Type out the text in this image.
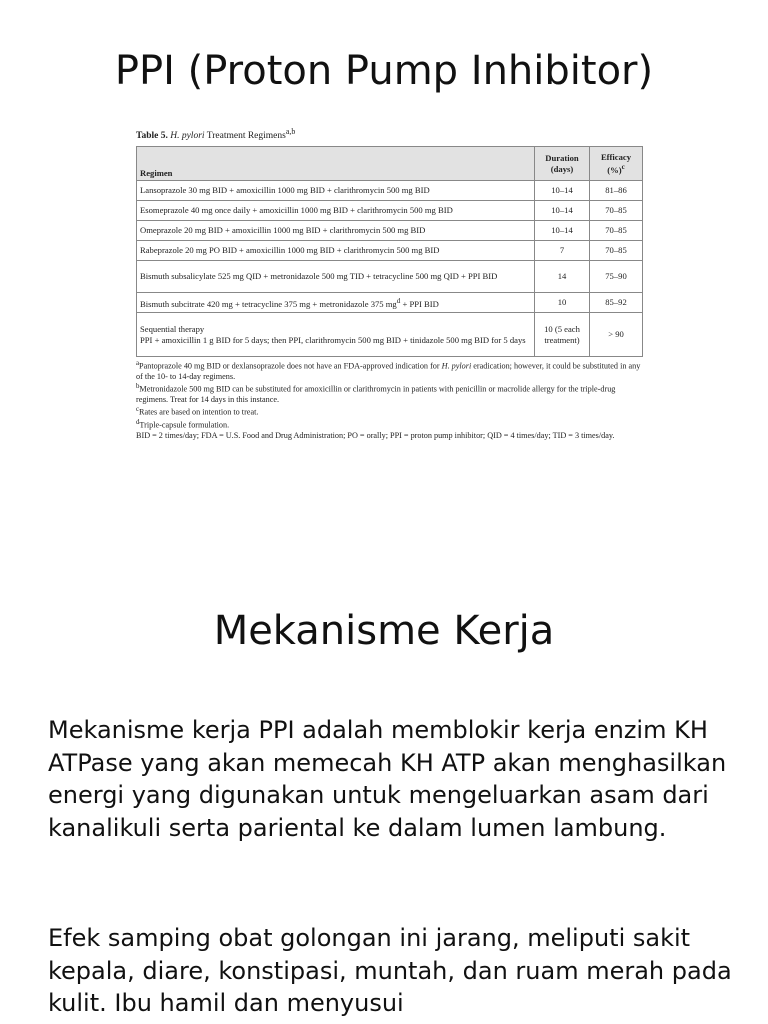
PPI (Proton Pump Inhibitor)
Table 5. H. pylori Treatment Regimens$^{a,b}$
Regimen	Duration (days)	Efficacy (%)$^c$
Lansoprazole 30 mg BID + amoxicillin 1000 mg BID + clarithromycin 500 mg BID	10–14	81–86
Esomeprazole 40 mg once daily + amoxicillin 1000 mg BID + clarithromycin 500 mg BID	10–14	70–85
Omeprazole 20 mg BID + amoxicillin 1000 mg BID + clarithromycin 500 mg BID	10–14	70–85
Rabeprazole 20 mg PO BID + amoxicillin 1000 mg BID + clarithromycin 500 mg BID	7	70–85
Bismuth subsalicylate 525 mg QID + metronidazole 500 mg TID + tetracycline 500 mg QID + PPI BID	14	75–90
Bismuth subcitrate 420 mg + tetracycline 375 mg + metronidazole 375 $mg^d$ + PPI BID	10	85–92

Sequential therapy
PPI + amoxicillin 1 g BID for 5 days; then PPI, clarithromycin 500 mg BID + tinidazole 500 mg BID for 5 days	10 (5 each treatment)	> 90
$^a$Pantoprazole 40 mg BID or dexlansoprazole does not have an FDA-approved indication for H. pylori eradication; however, it could be substituted in any of the 10- to 14-day regimens.
$^b$Metronidazole 500 mg BID can be substituted for amoxicillin or clarithromycin in patients with penicillin or macrolide allergy for the triple-drug regimens. Treat for 14 days in this instance.
$^c$Rates are based on intention to treat.
$^d$Triple-capsule formulation.
BID = 2 times/day; FDA = U.S. Food and Drug Administration; PO = orally; PPI = proton pump inhibitor; QID = 4 times/day; TID = 3 times/day.
Mekanisme Kerja

Mekanisme kerja PPI adalah memblokir kerja enzim KH ATPase yang akan memecah KH ATP akan menghasilkan energi yang digunakan untuk mengeluarkan asam dari kanalikuli serta pariental ke dalam lumen lambung.

Efek samping obat golongan ini jarang, meliputi sakit kepala, diare, konstipasi, muntah, dan ruam merah pada kulit. Ibu hamil dan menyusui
